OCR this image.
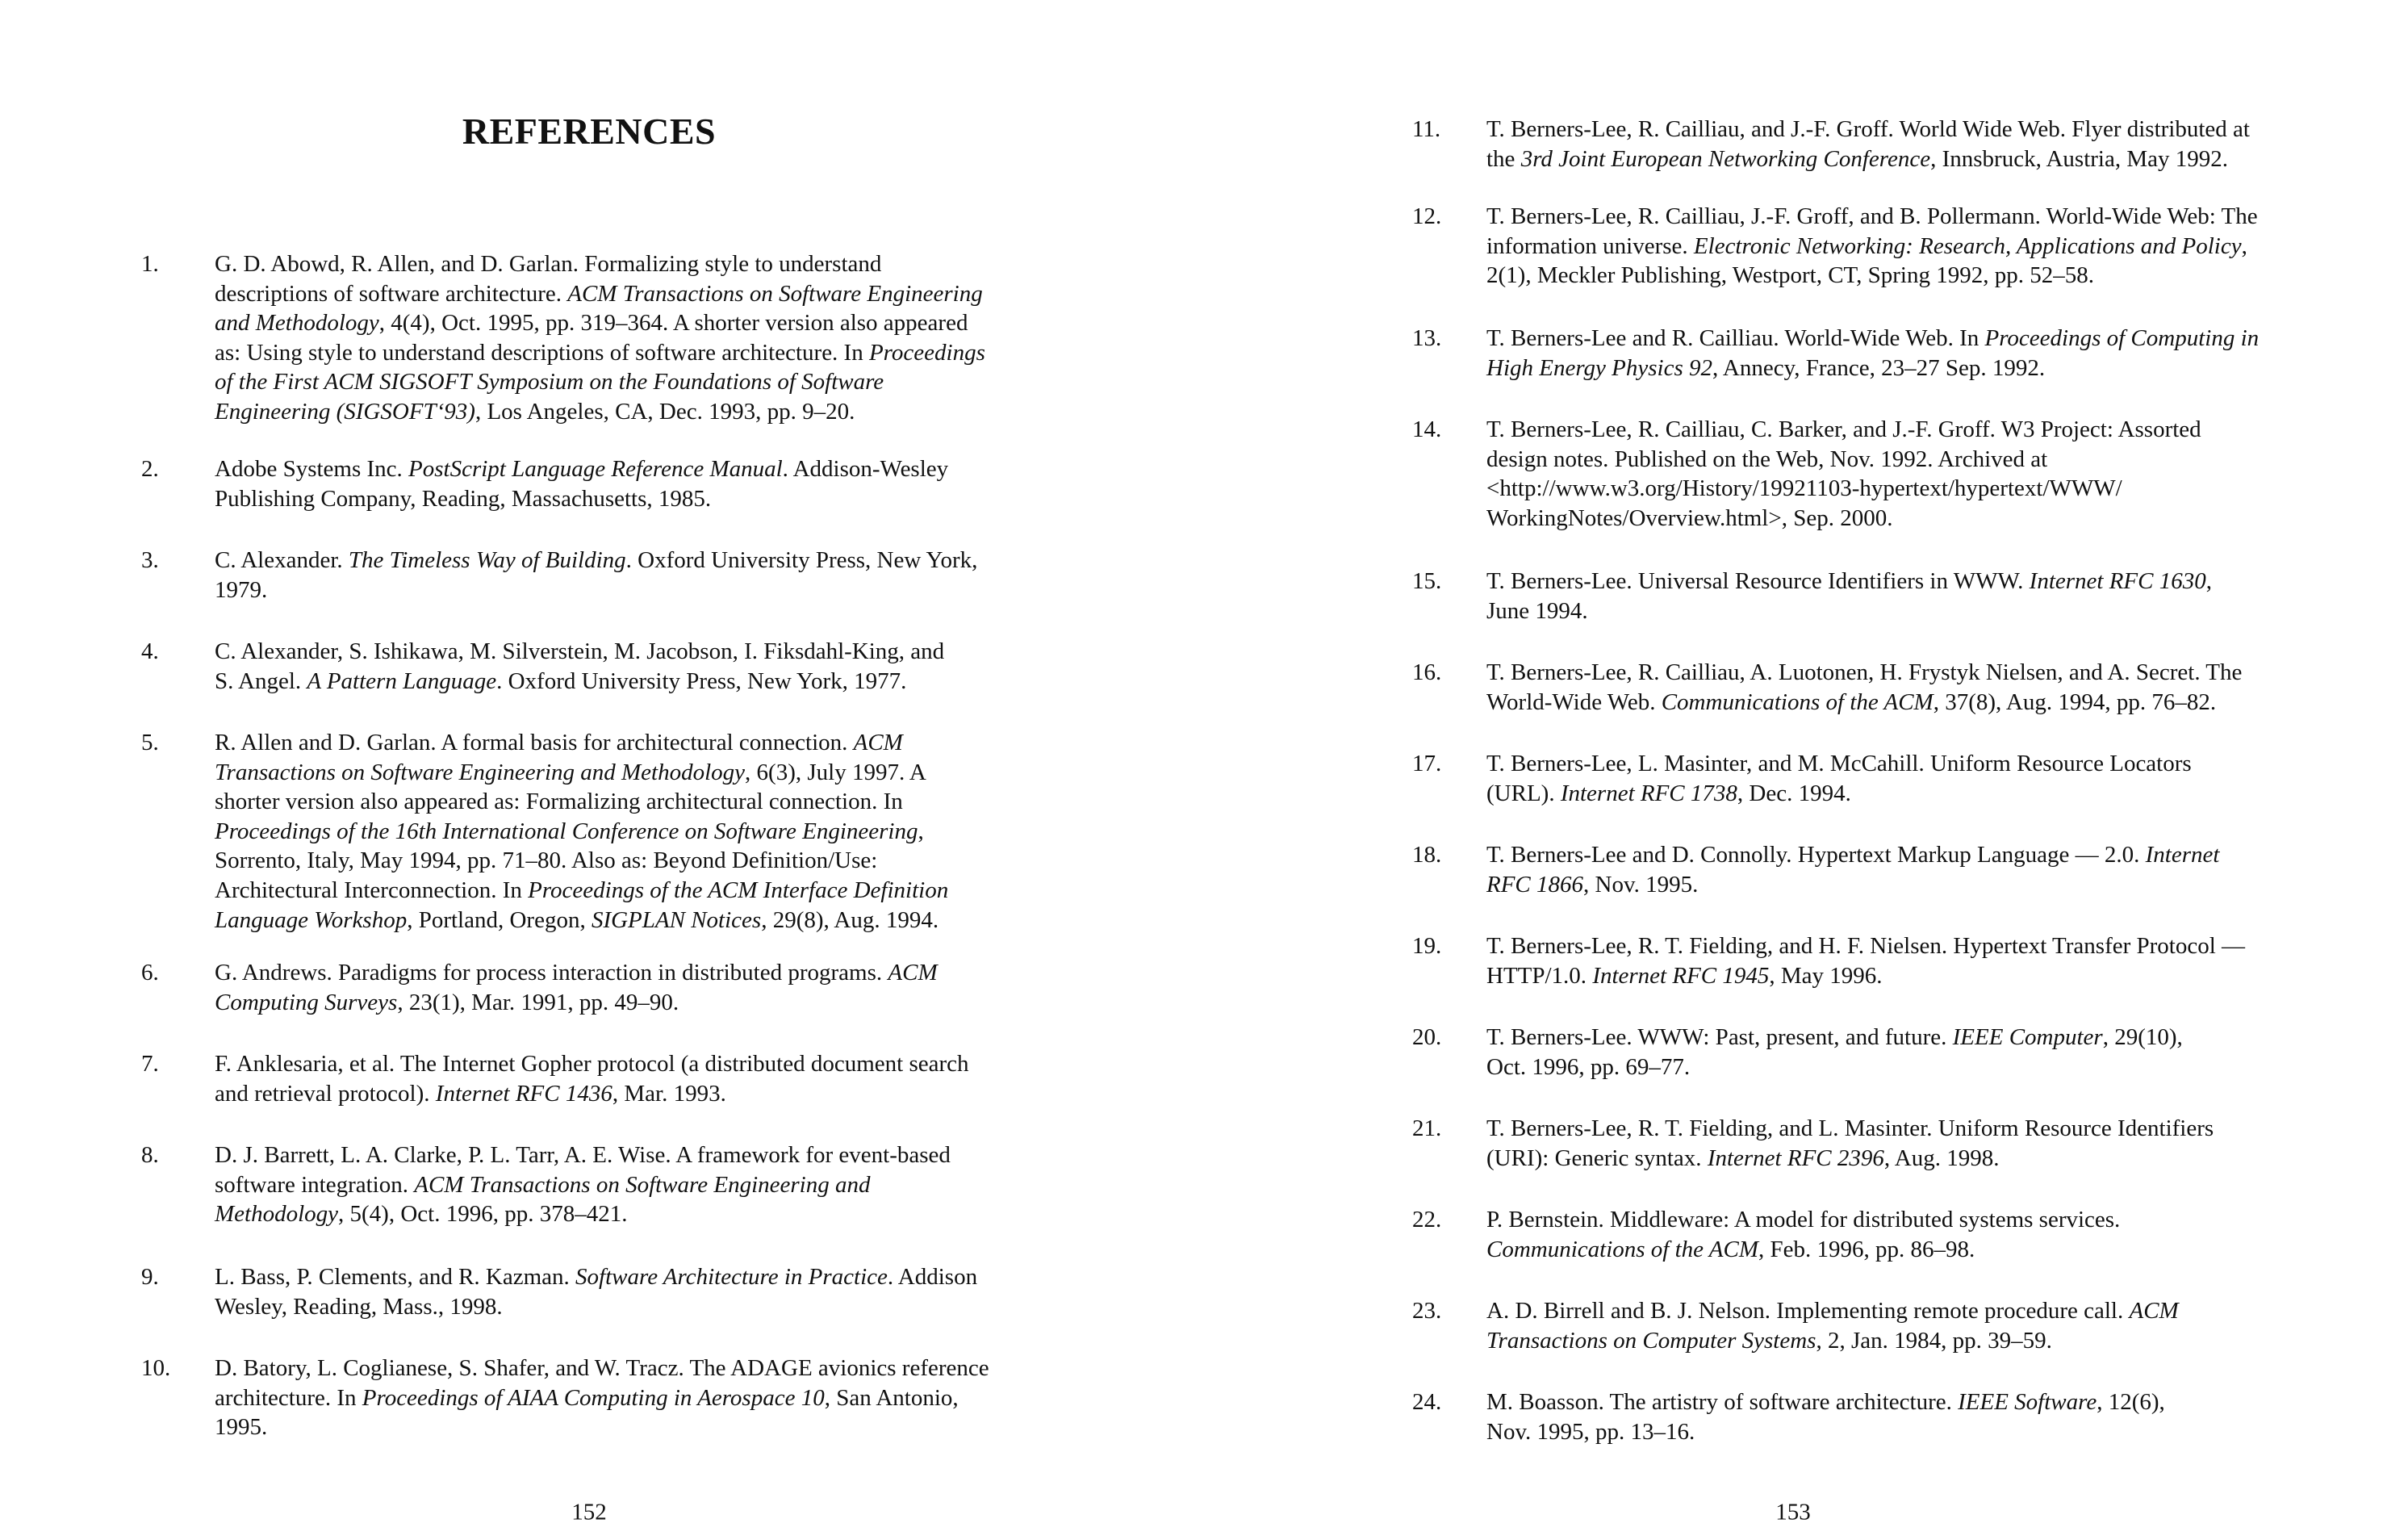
REFERENCES
1. G. D. Abowd, R. Allen, and D. Garlan. Formalizing style to understand
descriptions of software architecture. ACM Transactions on Software Engineering
and Methodology, 4(4), Oct. 1995, pp. 319–364. A shorter version also appeared
as: Using style to understand descriptions of software architecture. In Proceedings
of the First ACM SIGSOFT Symposium on the Foundations of Software
Engineering (SIGSOFT‘93), Los Angeles, CA, Dec. 1993, pp. 9–20.
2. Adobe Systems Inc. PostScript Language Reference Manual. Addison-Wesley
Publishing Company, Reading, Massachusetts, 1985.
3. C. Alexander. The Timeless Way of Building. Oxford University Press, New York,
1979.
4. C. Alexander, S. Ishikawa, M. Silverstein, M. Jacobson, I. Fiksdahl-King, and
S. Angel. A Pattern Language. Oxford University Press, New York, 1977.
5. R. Allen and D. Garlan. A formal basis for architectural connection. ACM
Transactions on Software Engineering and Methodology, 6(3), July 1997. A
shorter version also appeared as: Formalizing architectural connection. In
Proceedings of the 16th International Conference on Software Engineering,
Sorrento, Italy, May 1994, pp. 71–80. Also as: Beyond Definition/Use:
Architectural Interconnection. In Proceedings of the ACM Interface Definition
Language Workshop, Portland, Oregon, SIGPLAN Notices, 29(8), Aug. 1994.
6. G. Andrews. Paradigms for process interaction in distributed programs. ACM
Computing Surveys, 23(1), Mar. 1991, pp. 49–90.
7. F. Anklesaria, et al. The Internet Gopher protocol (a distributed document search
and retrieval protocol). Internet RFC 1436, Mar. 1993.
8. D. J. Barrett, L. A. Clarke, P. L. Tarr, A. E. Wise. A framework for event-based
software integration. ACM Transactions on Software Engineering and
Methodology, 5(4), Oct. 1996, pp. 378–421.
9. L. Bass, P. Clements, and R. Kazman. Software Architecture in Practice. Addison
Wesley, Reading, Mass., 1998.
10. D. Batory, L. Coglianese, S. Shafer, and W. Tracz. The ADAGE avionics reference
architecture. In Proceedings of AIAA Computing in Aerospace 10, San Antonio,
1995.
152
11. T. Berners-Lee, R. Cailliau, and J.-F. Groff. World Wide Web. Flyer distributed at
the 3rd Joint European Networking Conference, Innsbruck, Austria, May 1992.
12. T. Berners-Lee, R. Cailliau, J.-F. Groff, and B. Pollermann. World-Wide Web: The
information universe. Electronic Networking: Research, Applications and Policy,
2(1), Meckler Publishing, Westport, CT, Spring 1992, pp. 52–58.
13. T. Berners-Lee and R. Cailliau. World-Wide Web. In Proceedings of Computing in
High Energy Physics 92, Annecy, France, 23–27 Sep. 1992.
14. T. Berners-Lee, R. Cailliau, C. Barker, and J.-F. Groff. W3 Project: Assorted
design notes. Published on the Web, Nov. 1992. Archived at
<http://www.w3.org/History/19921103-hypertext/hypertext/WWW/
WorkingNotes/Overview.html>, Sep. 2000.
15. T. Berners-Lee. Universal Resource Identifiers in WWW. Internet RFC 1630,
June 1994.
16. T. Berners-Lee, R. Cailliau, A. Luotonen, H. Frystyk Nielsen, and A. Secret. The
World-Wide Web. Communications of the ACM, 37(8), Aug. 1994, pp. 76–82.
17. T. Berners-Lee, L. Masinter, and M. McCahill. Uniform Resource Locators
(URL). Internet RFC 1738, Dec. 1994.
18. T. Berners-Lee and D. Connolly. Hypertext Markup Language — 2.0. Internet
RFC 1866, Nov. 1995.
19. T. Berners-Lee, R. T. Fielding, and H. F. Nielsen. Hypertext Transfer Protocol —
HTTP/1.0. Internet RFC 1945, May 1996.
20. T. Berners-Lee. WWW: Past, present, and future. IEEE Computer, 29(10),
Oct. 1996, pp. 69–77.
21. T. Berners-Lee, R. T. Fielding, and L. Masinter. Uniform Resource Identifiers
(URI): Generic syntax. Internet RFC 2396, Aug. 1998.
22. P. Bernstein. Middleware: A model for distributed systems services.
Communications of the ACM, Feb. 1996, pp. 86–98.
23. A. D. Birrell and B. J. Nelson. Implementing remote procedure call. ACM
Transactions on Computer Systems, 2, Jan. 1984, pp. 39–59.
24. M. Boasson. The artistry of software architecture. IEEE Software, 12(6),
Nov. 1995, pp. 13–16.
153
